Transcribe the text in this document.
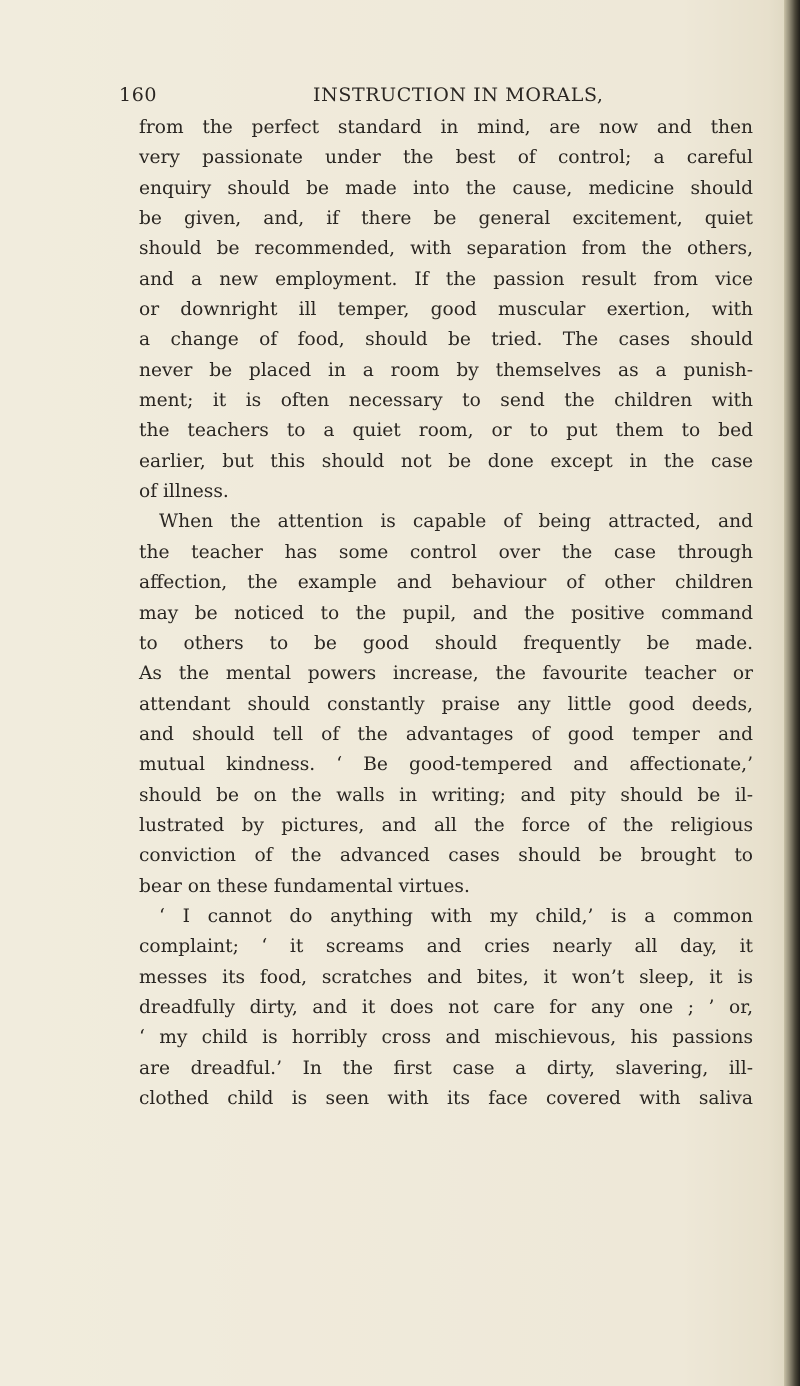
160	INSTRUCTION IN MORALS,
from the perfect standard in mind, are now and then
very passionate under the best of control; a careful
enquiry should be made into the cause, medicine should
be given, and, if there be general excitement, quiet
should be recommended, with separation from the others,
and a new employment. If the passion result from vice
or downright ill temper, good muscular exertion, with
a change of food, should be tried. The cases should
never be placed in a room by themselves as a punish-
ment; it is often necessary to send the children with
the teachers to a quiet room, or to put them to bed
earlier, but this should not be done except in the case
of illness.
When the attention is capable of being attracted, and
the teacher has some control over the case through
affection, the example and behaviour of other children
may be noticed to the pupil, and the positive command
to others to be good should frequently be made.
As the mental powers increase, the favourite teacher or
attendant should constantly praise any little good deeds,
and should tell of the advantages of good temper and
mutual kindness. ‘ Be good-tempered and affectionate,’
should be on the walls in writing; and pity should be il-
lustrated by pictures, and all the force of the religious
conviction of the advanced cases should be brought to
bear on these fundamental virtues.
‘ I cannot do anything with my child,’ is a common
complaint; ‘ it screams and cries nearly all day, it
messes its food, scratches and bites, it won’t sleep, it is
dreadfully dirty, and it does not care for any one ; ’ or,
‘ my child is horribly cross and mischievous, his passions
are dreadful.’ In the first case a dirty, slavering, ill-
clothed child is seen with its face covered with saliva
